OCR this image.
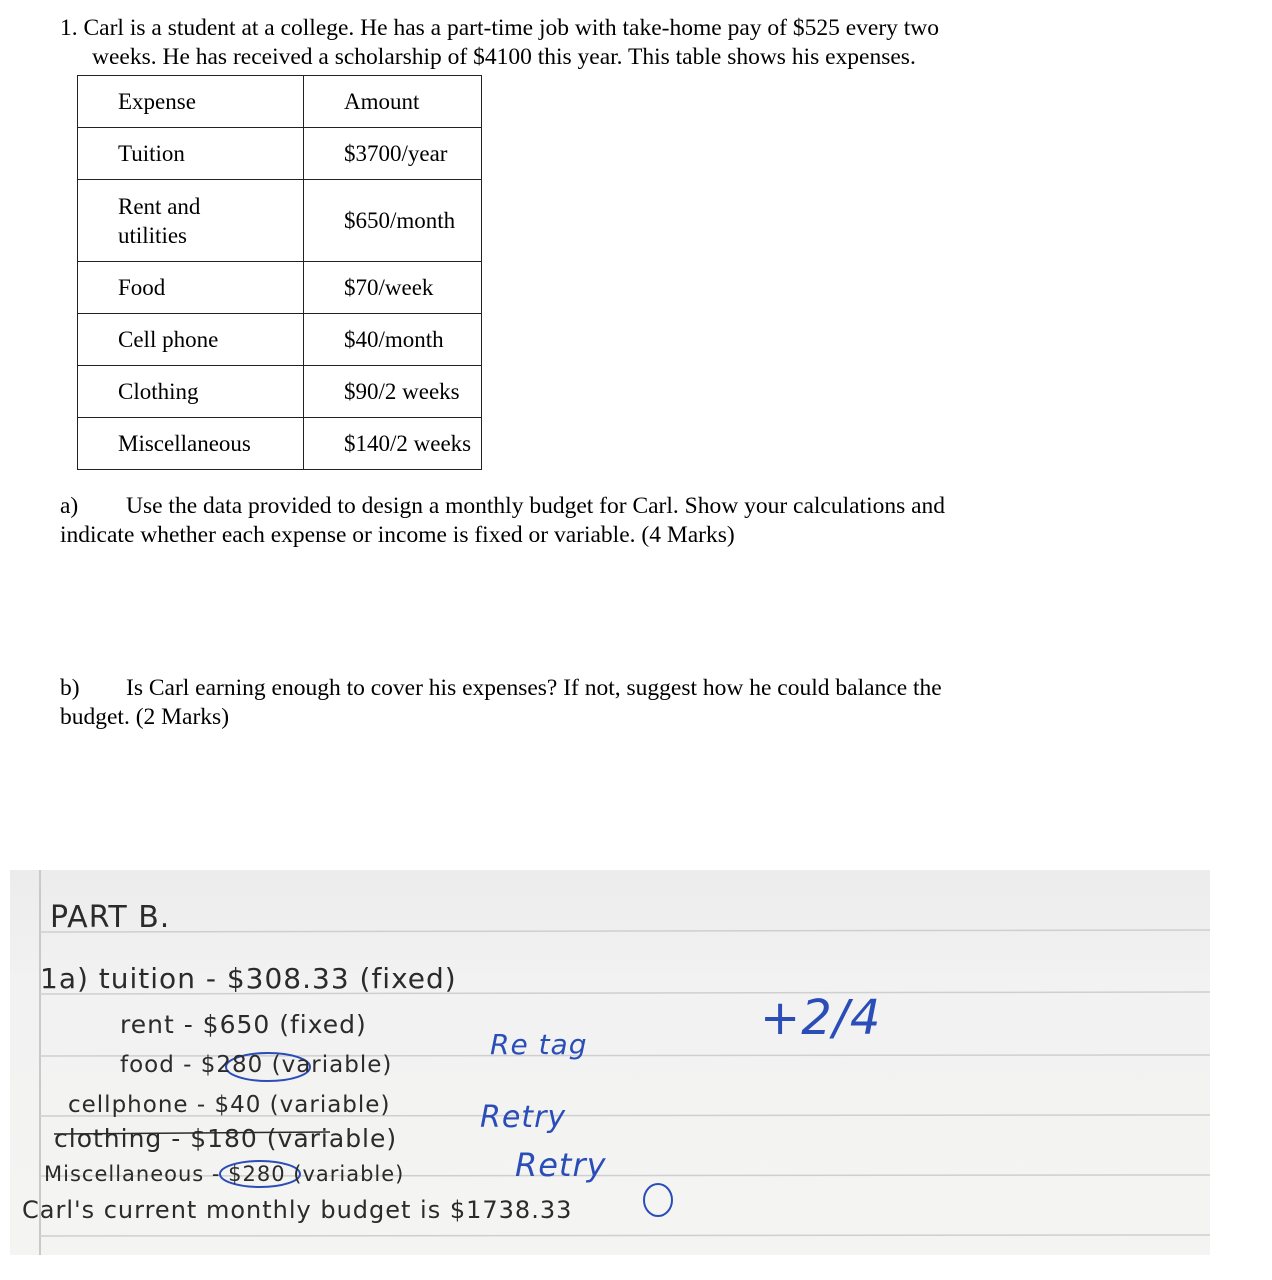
1. Carl is a student at a college. He has a part-time job with take-home pay of $525 every two
weeks. He has received a scholarship of $4100 this year. This table shows his expenses.
Expense	Amount
Tuition	$3700/year
Rent and utilities	$650/month
Food	$70/week
Cell phone	$40/month
Clothing	$90/2 weeks
Miscellaneous	$140/2 weeks
a) Use the data provided to design a monthly budget for Carl. Show your calculations and
indicate whether each expense or income is fixed or variable. (4 Marks)
b) Is Carl earning enough to cover his expenses? If not, suggest how he could balance the
budget. (2 Marks)
PART B.
1a) tuition - $308.33 (fixed)
rent - $650 (fixed)
food - $280 (variable)
cellphone - $40 (variable)
clothing - $180 (variable)
Miscellaneous - $280 (variable)
Carl's current monthly budget is $1738.33
Re tag
Retry
Retry
+2/4
